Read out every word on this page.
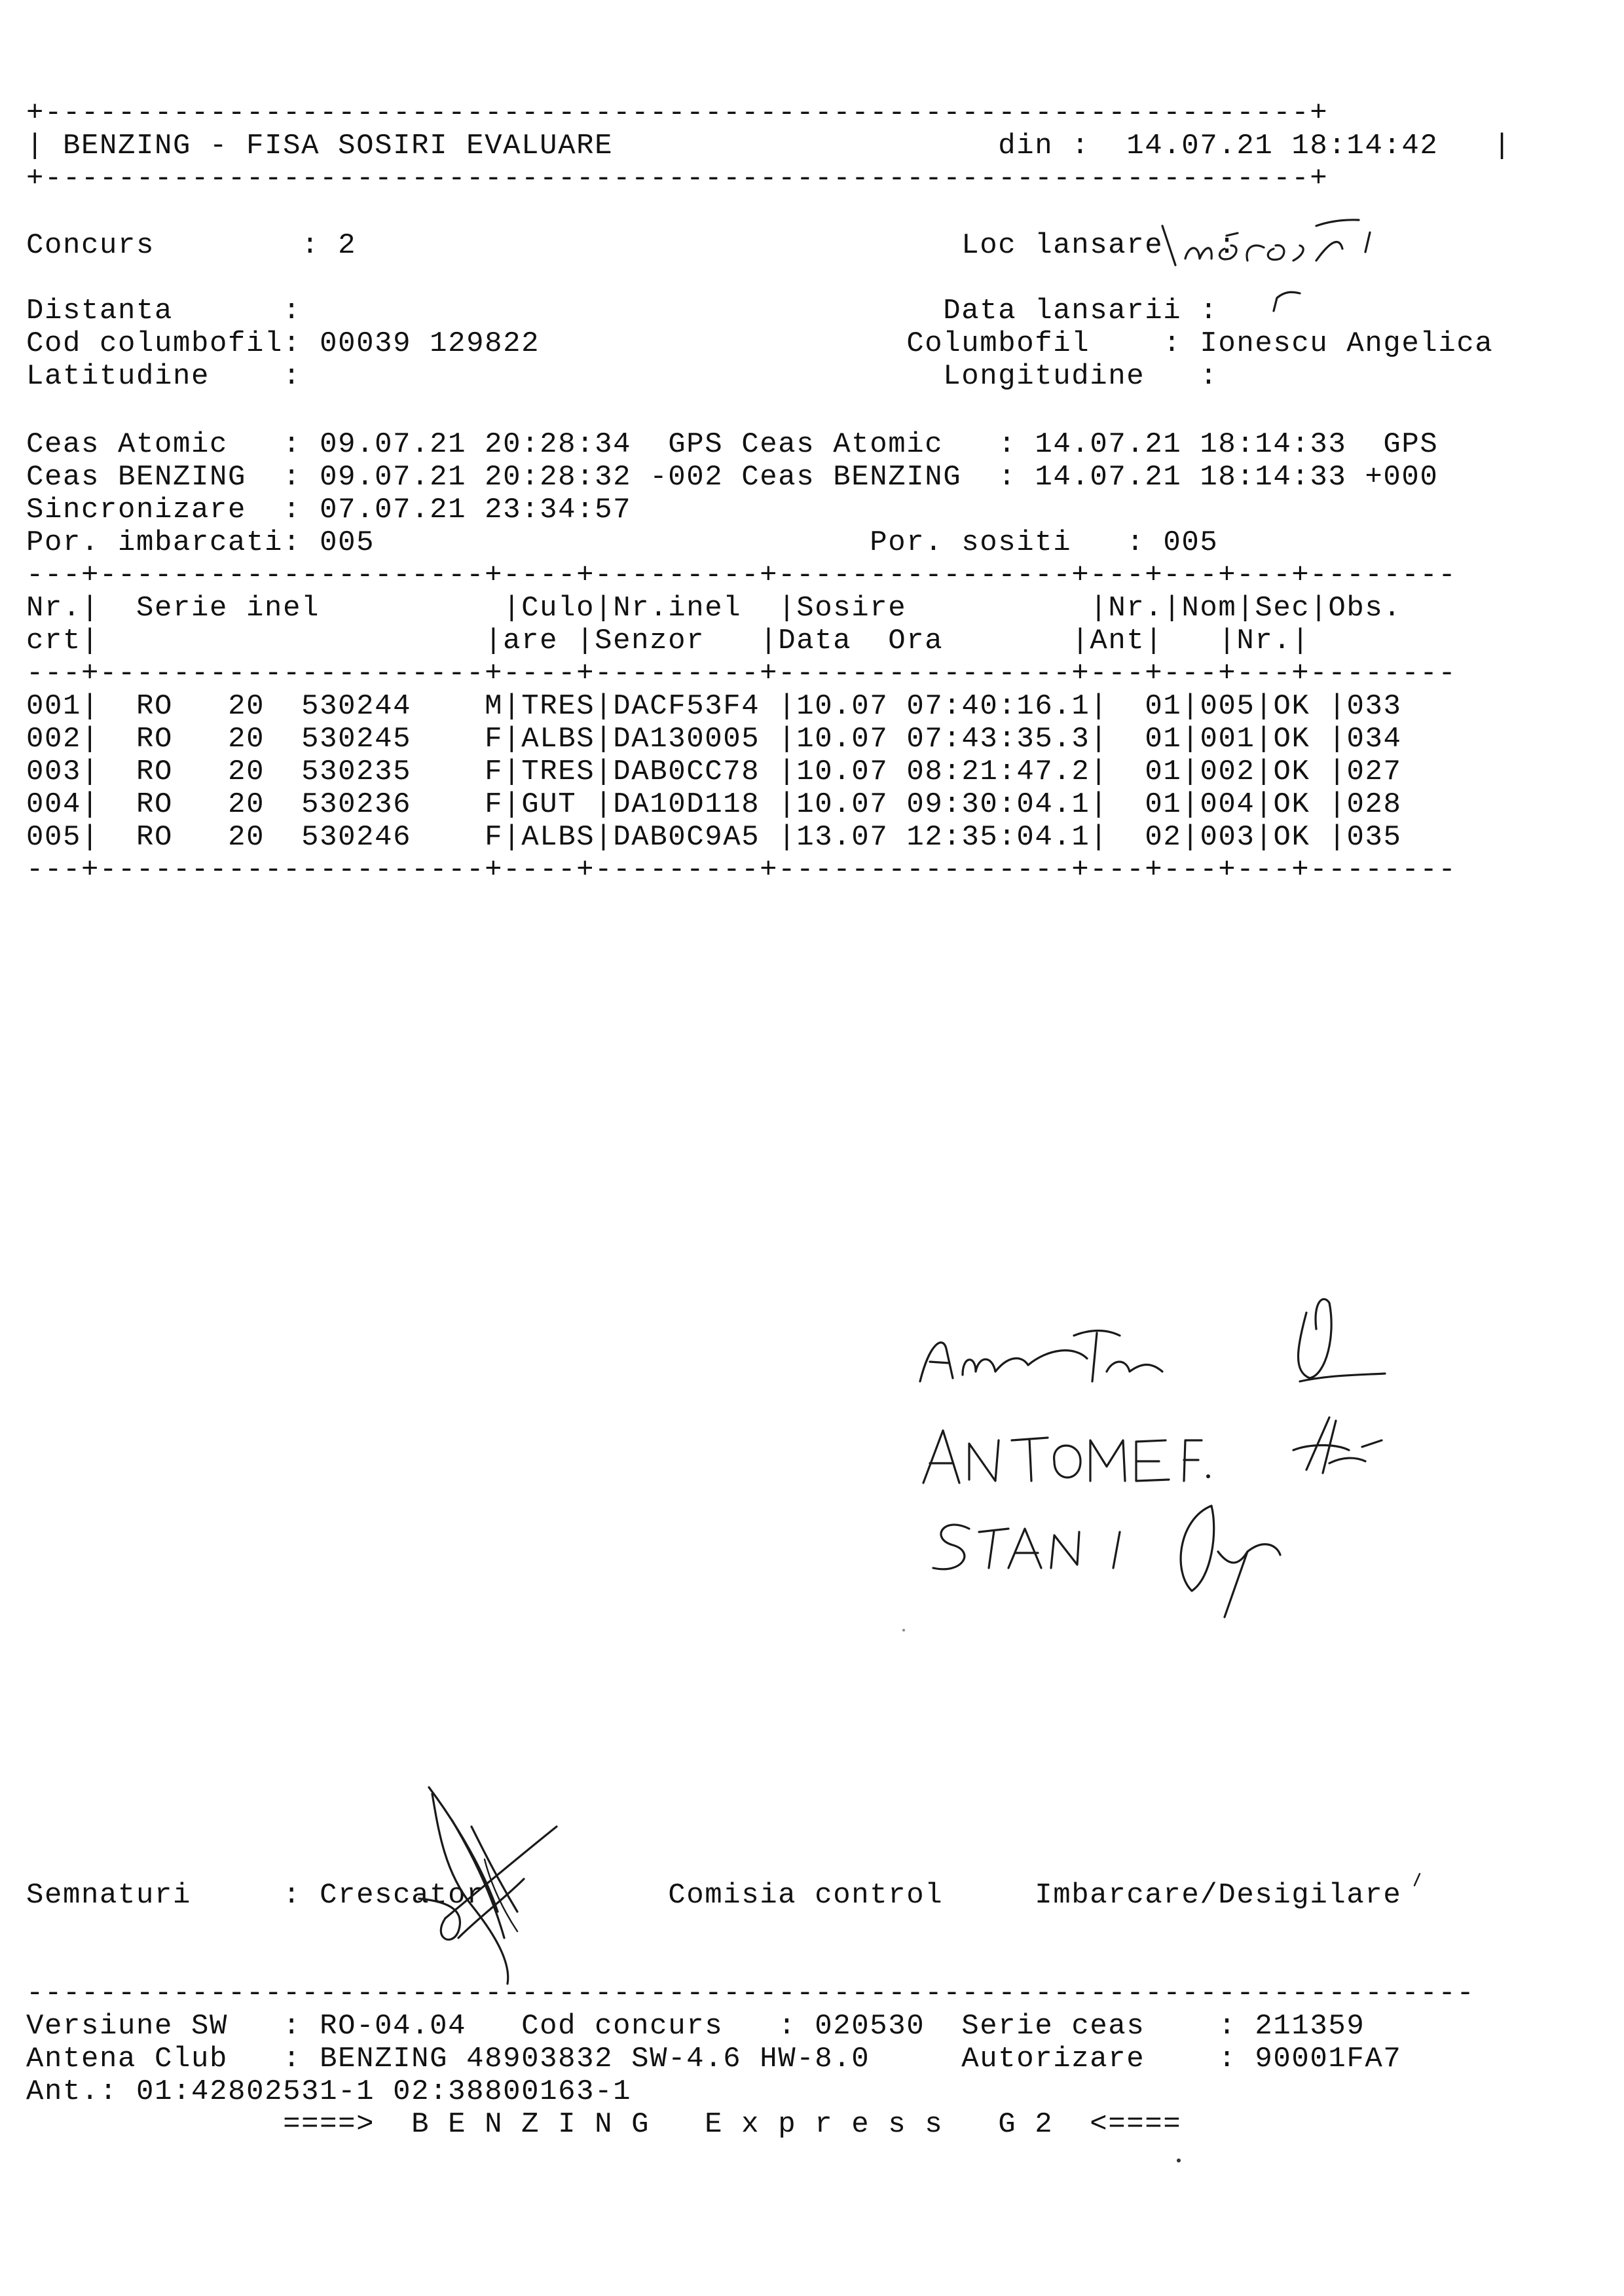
+---------------------------------------------------------------------+
| BENZING - FISA SOSIRI EVALUARE	din : 14.07.21 18:14:42   |
+---------------------------------------------------------------------+
Concurs        : 2	Loc lansare   :
Distanta      :	Data lansarii :
Cod columbofil: 00039 129822	Columbofil    : Ionescu Angelica
Latitudine    :	Longitudine   :
Ceas Atomic   : 09.07.21 20:28:34 GPS Ceas Atomic   : 14.07.21 18:14:33 GPS
Ceas BENZING  : 09.07.21 20:28:32 -002 Ceas BENZING  : 14.07.21 18:14:33 +000
Sincronizare  : 07.07.21 23:34:57
Por. imbarcati: 005	Por. sositi   : 005
---+---------------------+----+---------+----------------+---+---+---+--------
Nr.|  Serie inel          |Culo|Nr.inel  |Sosire          |Nr.|Nom|Sec|Obs.
crt|                     |are |Senzor   |Data  Ora       |Ant|   |Nr.|
---+---------------------+----+---------+----------------+---+---+---+--------
001|  RO 20 530244	M|TRES|DACF53F4 |10.07 07:40:16.1|  01|005|OK |033
002|  RO 20 530245	F|ALBS|DA130005 |10.07 07:43:35.3|  01|001|OK |034
003|  RO 20 530235	F|TRES|DAB0CC78 |10.07 08:21:47.2|  01|002|OK |027
004|  RO 20 530236	F|GUT |DA10D118 |10.07 09:30:04.1|  01|004|OK |028
005|  RO 20 530246	F|ALBS|DAB0C9A5 |13.07 12:35:04.1|  02|003|OK |035
---+---------------------+----+---------+----------------+---+---+---+--------
Semnaturi     : Crescator	Comisia control	Imbarcare/Desigilare
-------------------------------------------------------------------------------
Versiune SW   : RO-04.04 Cod concurs   : 020530 Serie ceas    : 211359
Antena Club   : BENZING 48903832 SW-4.6 HW-8.0	Autorizare    : 90001FA7
Ant.: 01:42802531-1 02:38800163-1
====> B E N Z I N G   E x p r e s s   G 2 <====
